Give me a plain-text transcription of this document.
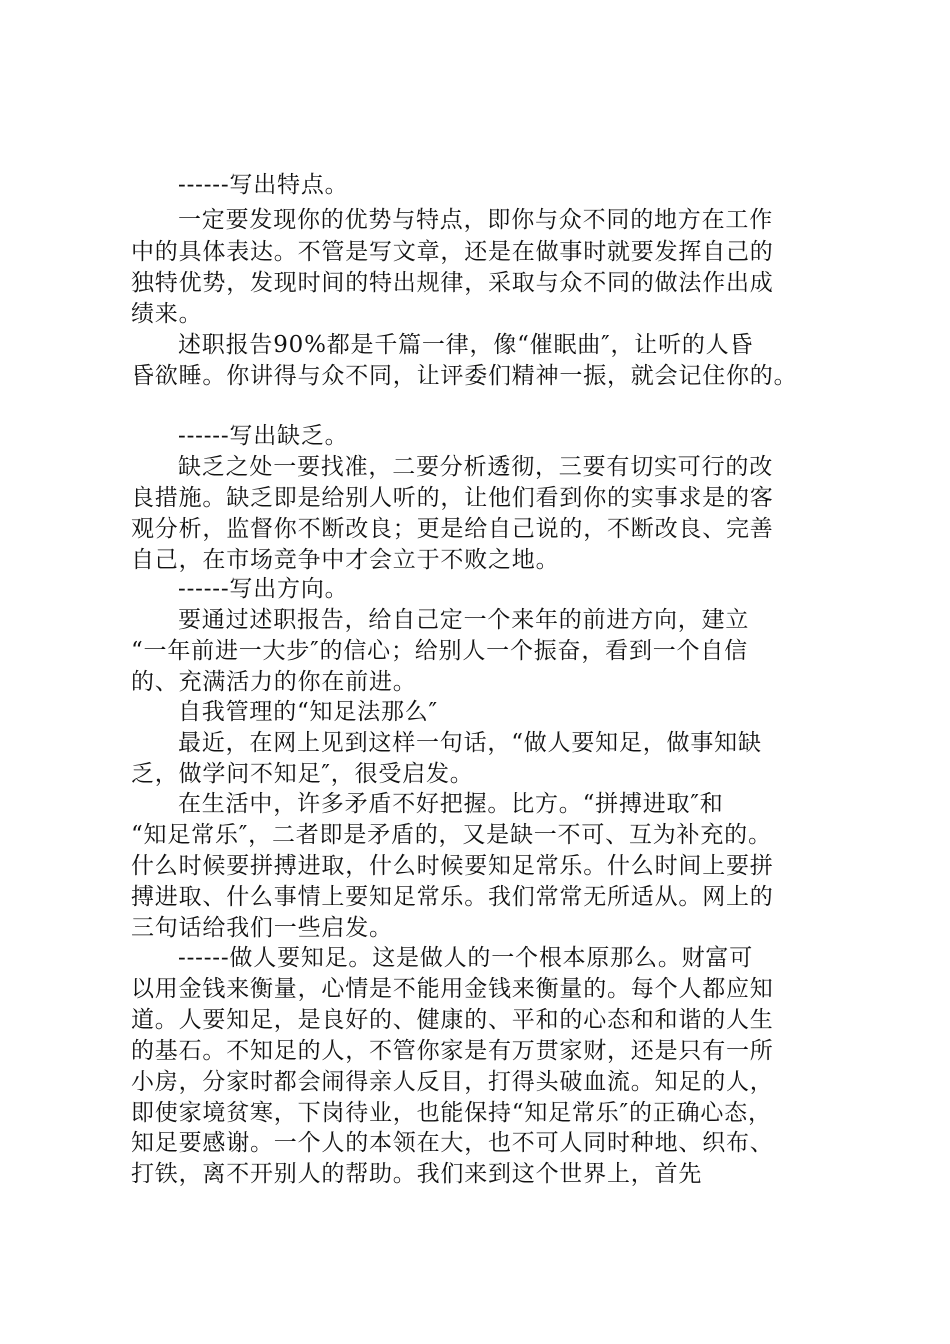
------写出特点。

一定要发现你的优势与特点，即你与众不同的地方在工作

中的具体表达。不管是写文章，还是在做事时就要发挥自己的

独特优势，发现时间的特出规律，采取与众不同的做法作出成

绩来。

述职报告90%都是千篇一律，像“催眠曲″，让听的人昏

昏欲睡。你讲得与众不同，让评委们精神一振，就会记住你的。

------写出缺乏。

缺乏之处一要找准，二要分析透彻，三要有切实可行的改

良措施。缺乏即是给别人听的，让他们看到你的实事求是的客

观分析，监督你不断改良；更是给自己说的，不断改良、完善

自己，在市场竞争中才会立于不败之地。

------写出方向。

要通过述职报告，给自己定一个来年的前进方向，建立

“一年前进一大步″的信心；给别人一个振奋，看到一个自信

的、充满活力的你在前进。

自我管理的“知足法那么″

最近，在网上见到这样一句话，“做人要知足，做事知缺

乏，做学问不知足″，很受启发。

在生活中，许多矛盾不好把握。比方。“拼搏进取″和

“知足常乐″，二者即是矛盾的，又是缺一不可、互为补充的。

什么时候要拼搏进取，什么时候要知足常乐。什么时间上要拼

搏进取、什么事情上要知足常乐。我们常常无所适从。网上的

三句话给我们一些启发。

------做人要知足。这是做人的一个根本原那么。财富可

以用金钱来衡量，心情是不能用金钱来衡量的。每个人都应知

道。人要知足，是良好的、健康的、平和的心态和和谐的人生

的基石。不知足的人，不管你家是有万贯家财，还是只有一所

小房，分家时都会闹得亲人反目，打得头破血流。知足的人，

即使家境贫寒，下岗待业，也能保持“知足常乐″的正确心态，

知足要感谢。一个人的本领在大，也不可人同时种地、织布、

打铁，离不开别人的帮助。我们来到这个世界上，首先
